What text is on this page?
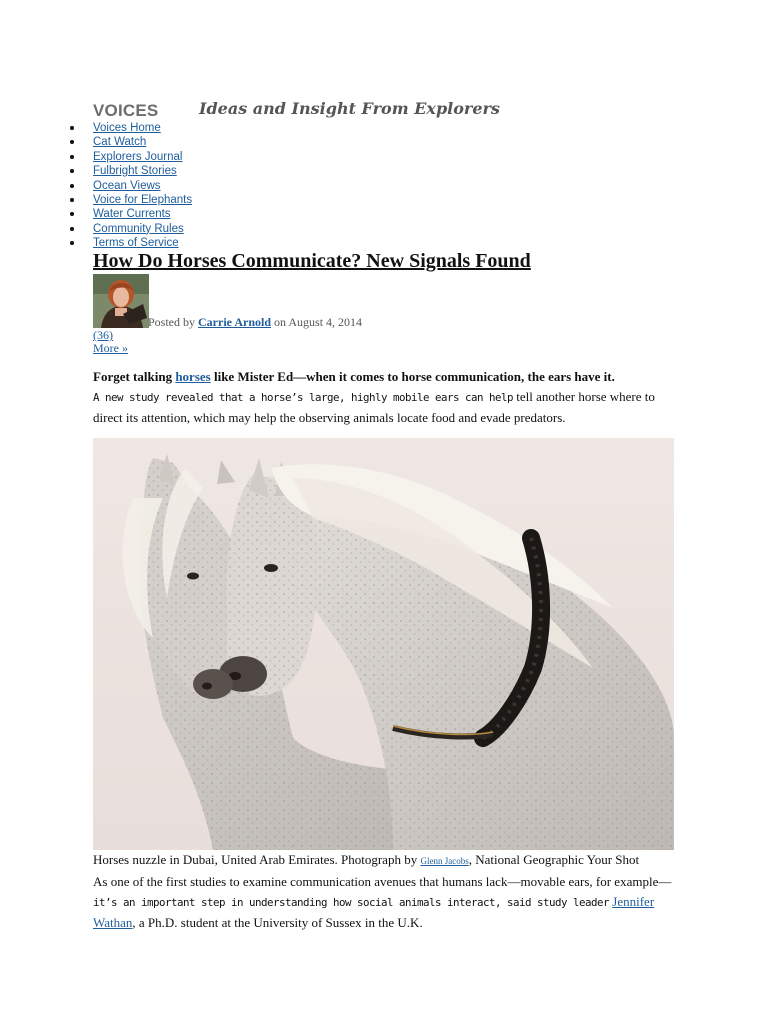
VOICES	Ideas and Insight From Explorers
Voices Home
Cat Watch
Explorers Journal
Fulbright Stories
Ocean Views
Voice for Elephants
Water Currents
Community Rules
Terms of Service
How Do Horses Communicate? New Signals Found
Posted by Carrie Arnold on August 4, 2014
(36)
More »

Forget talking horses like Mister Ed—when it comes to horse communication, the ears have it.

A new study revealed that a horse’s large, highly mobile ears can help tell another horse where to direct its attention, which may help the observing animals locate food and evade predators.

Horses nuzzle in Dubai, United Arab Emirates. Photograph by Glenn Jacobs, National Geographic Your Shot

As one of the first studies to examine communication avenues that humans lack—movable ears, for example—it’s an important step in understanding how social animals interact, said study leader Jennifer Wathan, a Ph.D. student at the University of Sussex in the U.K.
